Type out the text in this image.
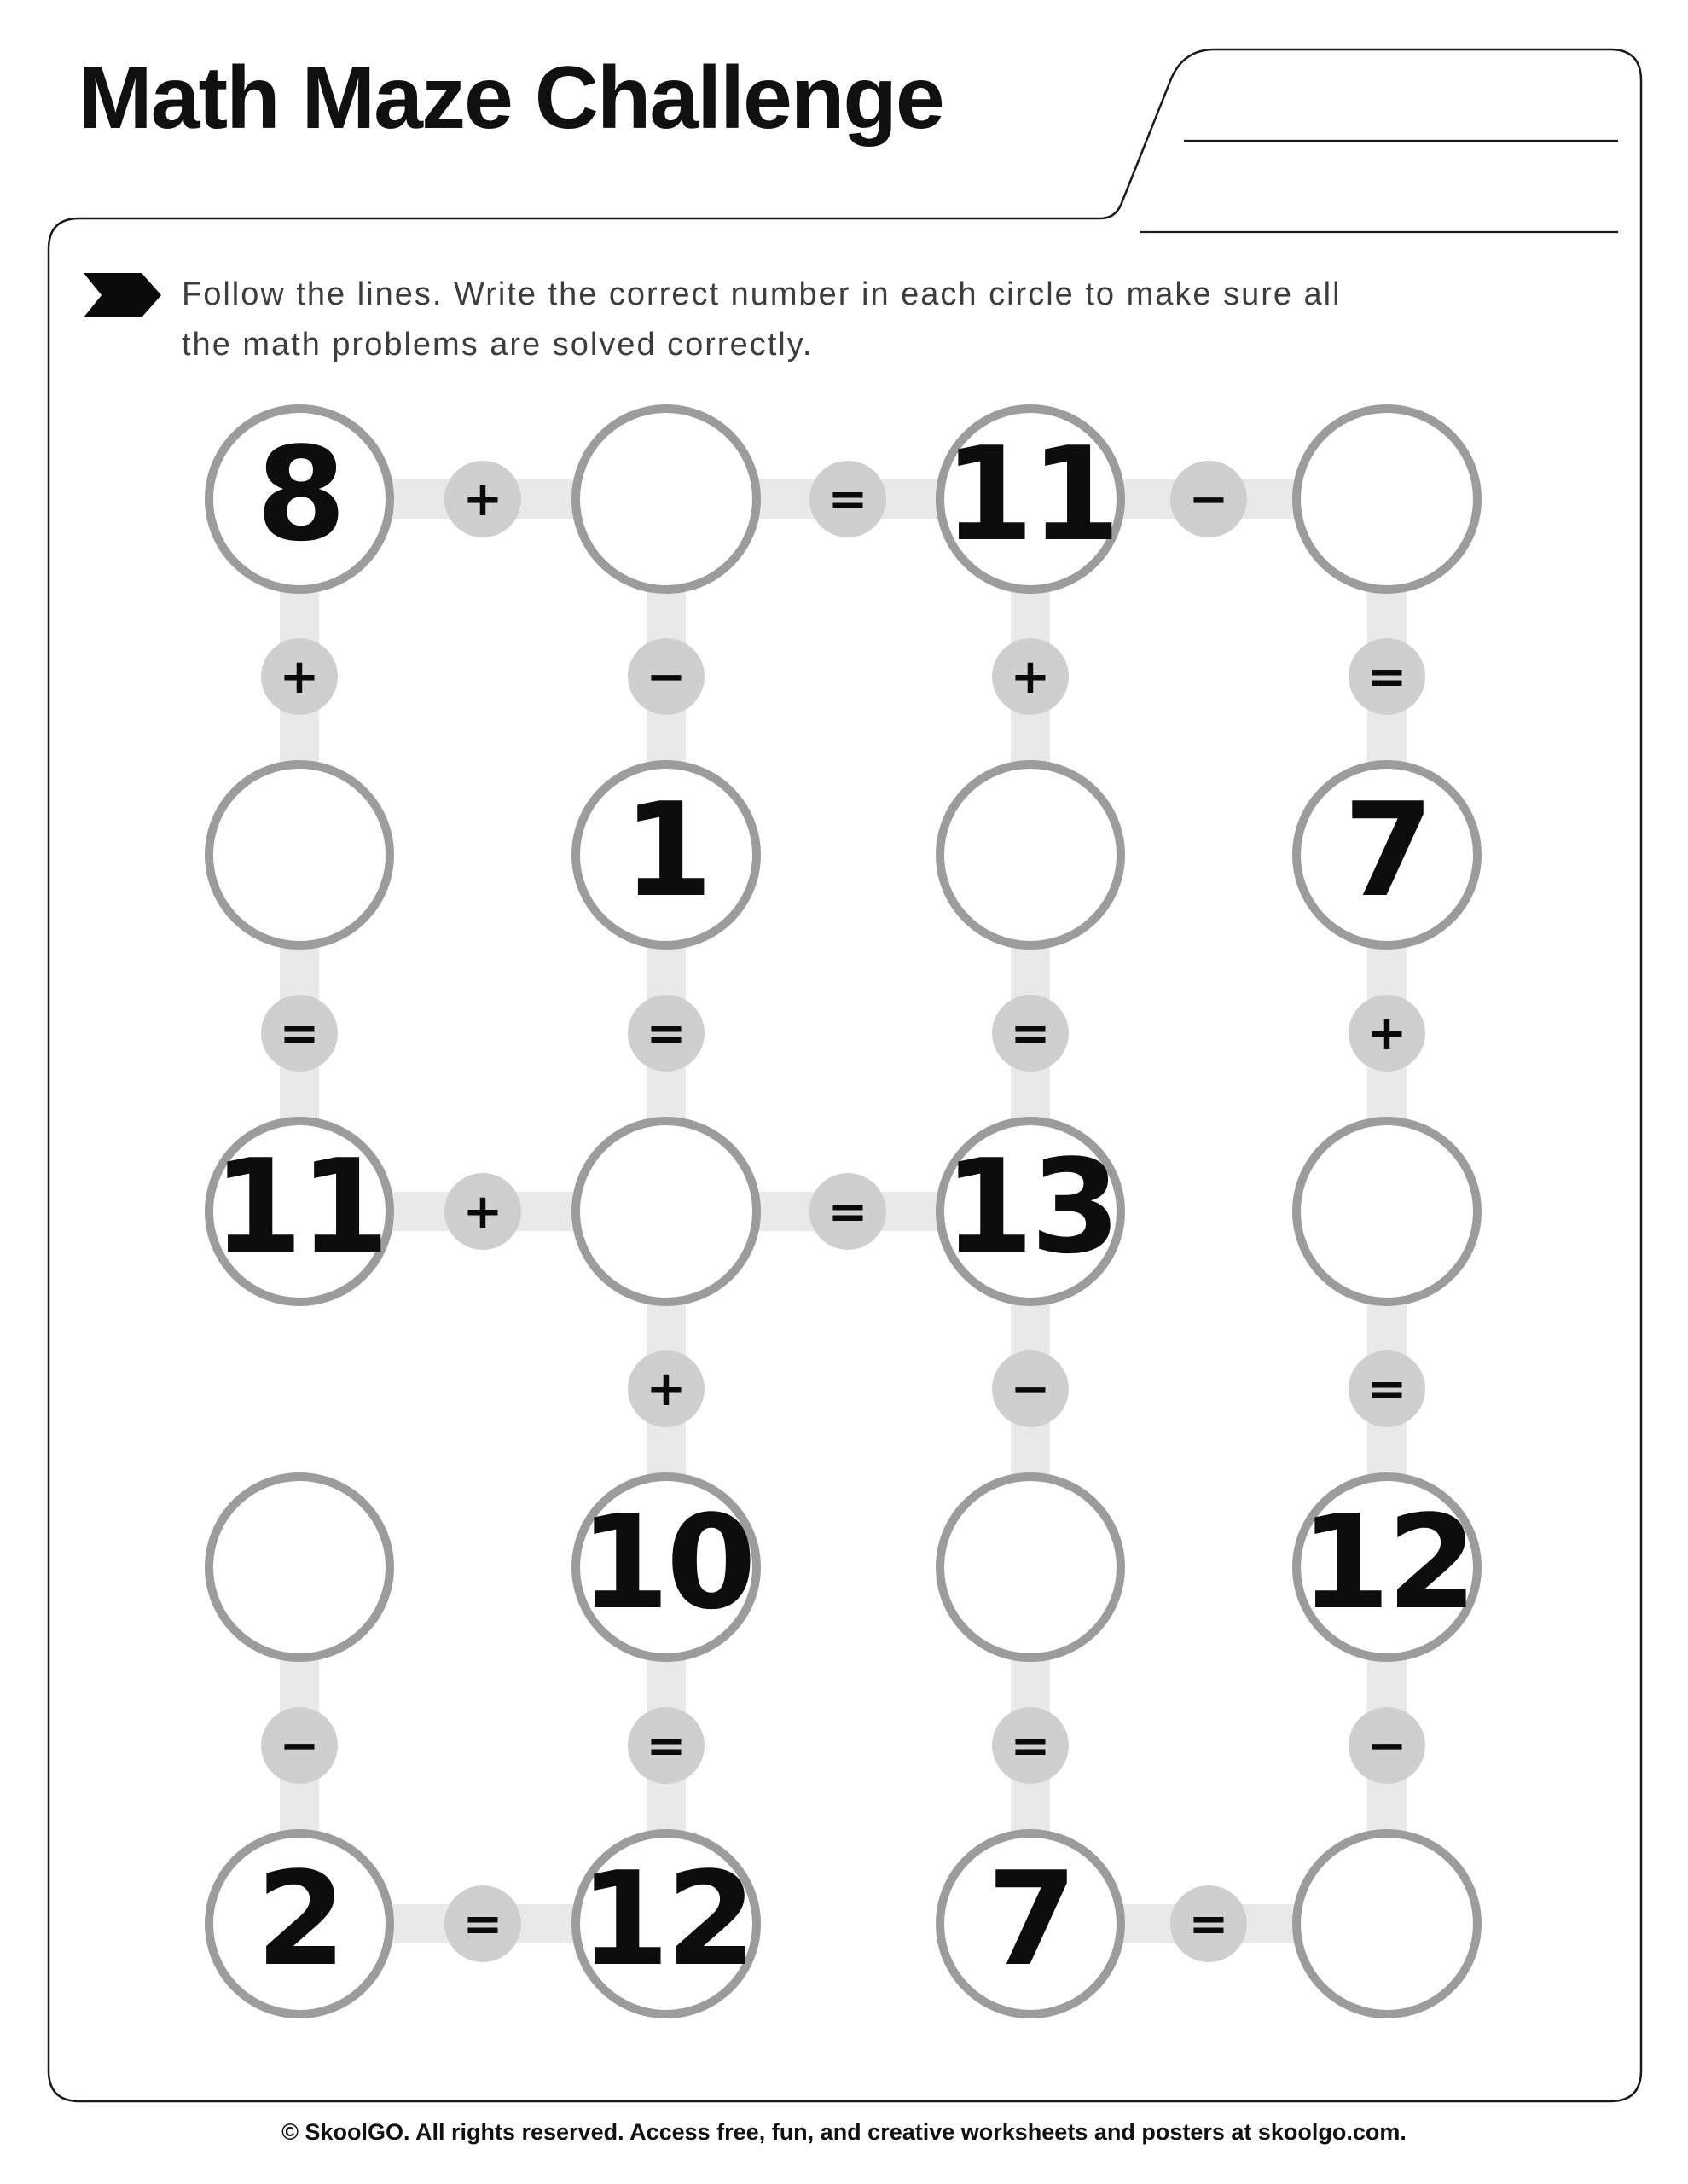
Math Maze Challenge
Follow the lines. Write the correct number in each circle to make sure all
the math problems are solved correctly.
8	11
1	7
11	13
10	12
2 12 7
+	=	−
+	=
=	=
+
=
−
−
=
+
=
+
=
−
=
=
+
=
−
© SkoolGO. All rights reserved. Access free, fun, and creative worksheets and posters at skoolgo.com.
